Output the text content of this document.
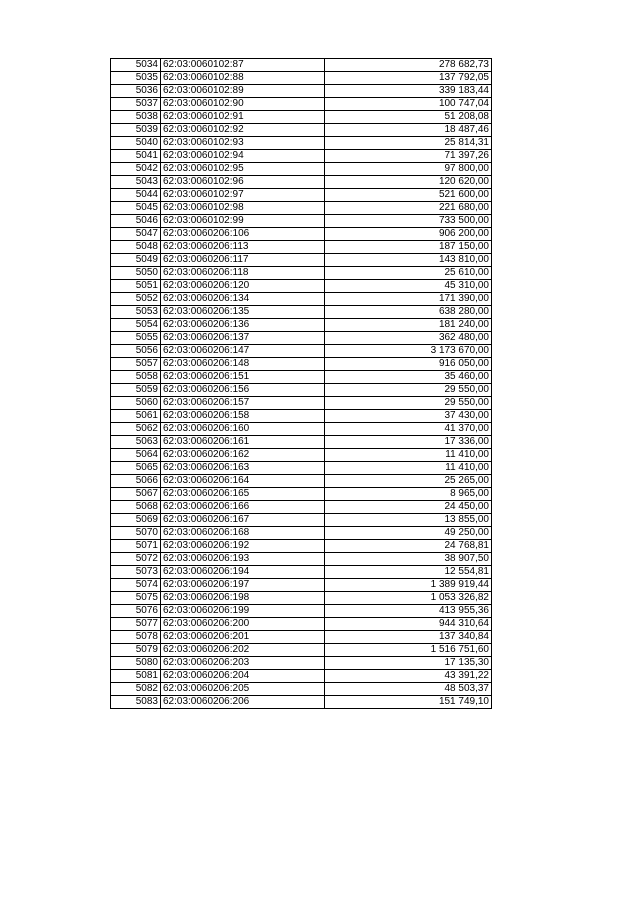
5034	62:03:0060102:87	278 682,73
5035	62:03:0060102:88	137 792,05
5036	62:03:0060102:89	339 183,44
5037	62:03:0060102:90	100 747,04
5038	62:03:0060102:91	51 208,08
5039	62:03:0060102:92	18 487,46
5040	62:03:0060102:93	25 814,31
5041	62:03:0060102:94	71 397,26
5042	62:03:0060102:95	97 800,00
5043	62:03:0060102:96	120 620,00
5044	62:03:0060102:97	521 600,00
5045	62:03:0060102:98	221 680,00
5046	62:03:0060102:99	733 500,00
5047	62:03:0060206:106	906 200,00
5048	62:03:0060206:113	187 150,00
5049	62:03:0060206:117	143 810,00
5050	62:03:0060206:118	25 610,00
5051	62:03:0060206:120	45 310,00
5052	62:03:0060206:134	171 390,00
5053	62:03:0060206:135	638 280,00
5054	62:03:0060206:136	181 240,00
5055	62:03:0060206:137	362 480,00
5056	62:03:0060206:147	3 173 670,00
5057	62:03:0060206:148	916 050,00
5058	62:03:0060206:151	35 460,00
5059	62:03:0060206:156	29 550,00
5060	62:03:0060206:157	29 550,00
5061	62:03:0060206:158	37 430,00
5062	62:03:0060206:160	41 370,00
5063	62:03:0060206:161	17 336,00
5064	62:03:0060206:162	11 410,00
5065	62:03:0060206:163	11 410,00
5066	62:03:0060206:164	25 265,00
5067	62:03:0060206:165	8 965,00
5068	62:03:0060206:166	24 450,00
5069	62:03:0060206:167	13 855,00
5070	62:03:0060206:168	49 250,00
5071	62:03:0060206:192	24 768,81
5072	62:03:0060206:193	38 907,50
5073	62:03:0060206:194	12 554,81
5074	62:03:0060206:197	1 389 919,44
5075	62:03:0060206:198	1 053 326,82
5076	62:03:0060206:199	413 955,36
5077	62:03:0060206:200	944 310,64
5078	62:03:0060206:201	137 340,84
5079	62:03:0060206:202	1 516 751,60
5080	62:03:0060206:203	17 135,30
5081	62:03:0060206:204	43 391,22
5082	62:03:0060206:205	48 503,37
5083	62:03:0060206:206	151 749,10
